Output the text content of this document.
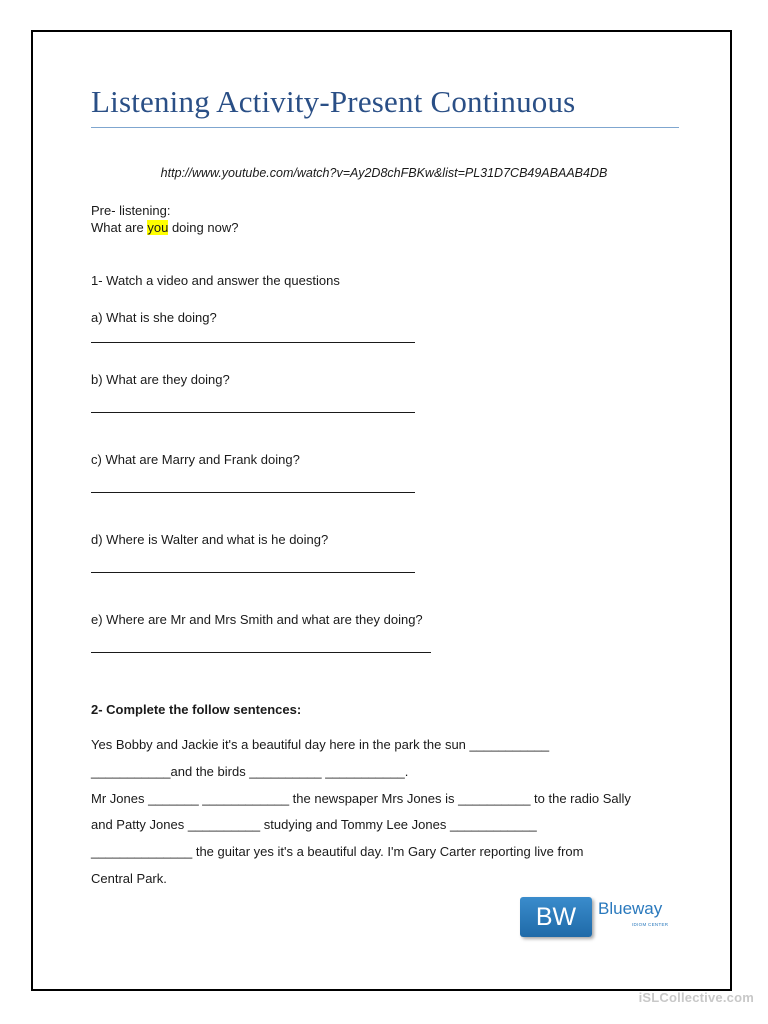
Listening Activity-Present Continuous
http://www.youtube.com/watch?v=Ay2D8chFBKw&list=PL31D7CB49ABAAB4DB
Pre- listening:
What are you doing now?
1- Watch a video and answer the questions
a) What is she doing?
b) What are they doing?
c) What are Marry and Frank doing?
d) Where is Walter and what is he doing?
e) Where are Mr and Mrs Smith and what are they doing?
2- Complete the follow sentences:
Yes Bobby and Jackie it's a beautiful day here in the park the sun ___________
___________and the birds __________ ___________.
Mr Jones _______ ____________ the newspaper Mrs Jones is __________ to the radio Sally
and Patty Jones __________ studying and Tommy Lee Jones ____________
______________ the guitar yes it's a beautiful day. I'm Gary Carter reporting live from
Central Park.
BW	Blueway
IDIOM CENTER
iSLCollective.com
